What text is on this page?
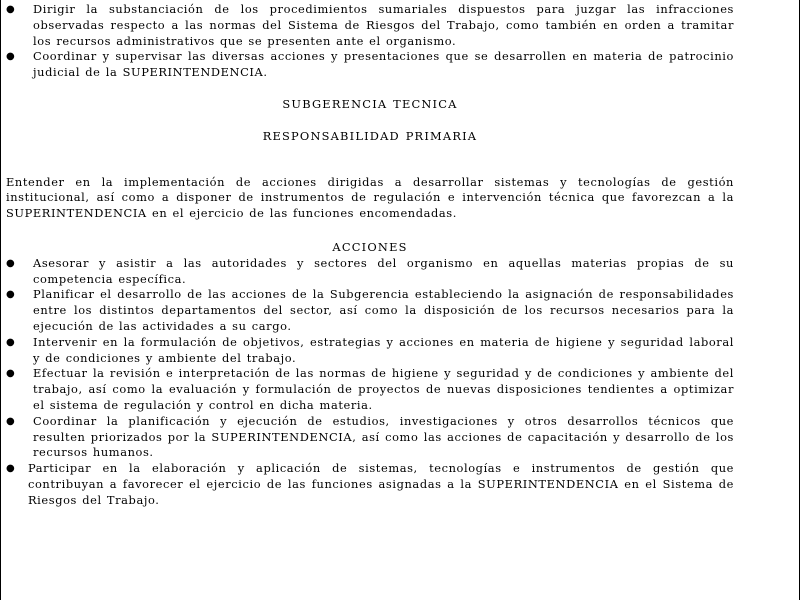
● Dirigir la substanciación de los procedimientos sumariales dispuestos para juzgar las infracciones observadas respecto a las normas del Sistema de Riesgos del Trabajo, como también en orden a tramitar los recursos administrativos que se presenten ante el organismo.
● Coordinar y supervisar las diversas acciones y presentaciones que se desarrollen en materia de patrocinio judicial de la SUPERINTENDENCIA.

SUBGERENCIA TECNICA

RESPONSABILIDAD PRIMARIA

Entender en la implementación de acciones dirigidas a desarrollar sistemas y tecnologías de gestión institucional, así como a disponer de instrumentos de regulación e intervención técnica que favorezcan a la SUPERINTENDENCIA en el ejercicio de las funciones encomendadas.

ACCIONES

● Asesorar y asistir a las autoridades y sectores del organismo en aquellas materias propias de su competencia específica.
● Planificar el desarrollo de las acciones de la Subgerencia estableciendo la asignación de responsabilidades entre los distintos departamentos del sector, así como la disposición de los recursos necesarios para la ejecución de las actividades a su cargo.
● Intervenir en la formulación de objetivos, estrategias y acciones en materia de higiene y seguridad laboral y de condiciones y ambiente del trabajo.
● Efectuar la revisión e interpretación de las normas de higiene y seguridad y de condiciones y ambiente del trabajo, así como la evaluación y formulación de proyectos de nuevas disposiciones tendientes a optimizar el sistema de regulación y control en dicha materia.
● Coordinar la planificación y ejecución de estudios, investigaciones y otros desarrollos técnicos que resulten priorizados por la SUPERINTENDENCIA, así como las acciones de capacitación y desarrollo de los recursos humanos.
● Participar en la elaboración y aplicación de sistemas, tecnologías e instrumentos de gestión que contribuyan a favorecer el ejercicio de las funciones asignadas a la SUPERINTENDENCIA en el Sistema de Riesgos del Trabajo.
